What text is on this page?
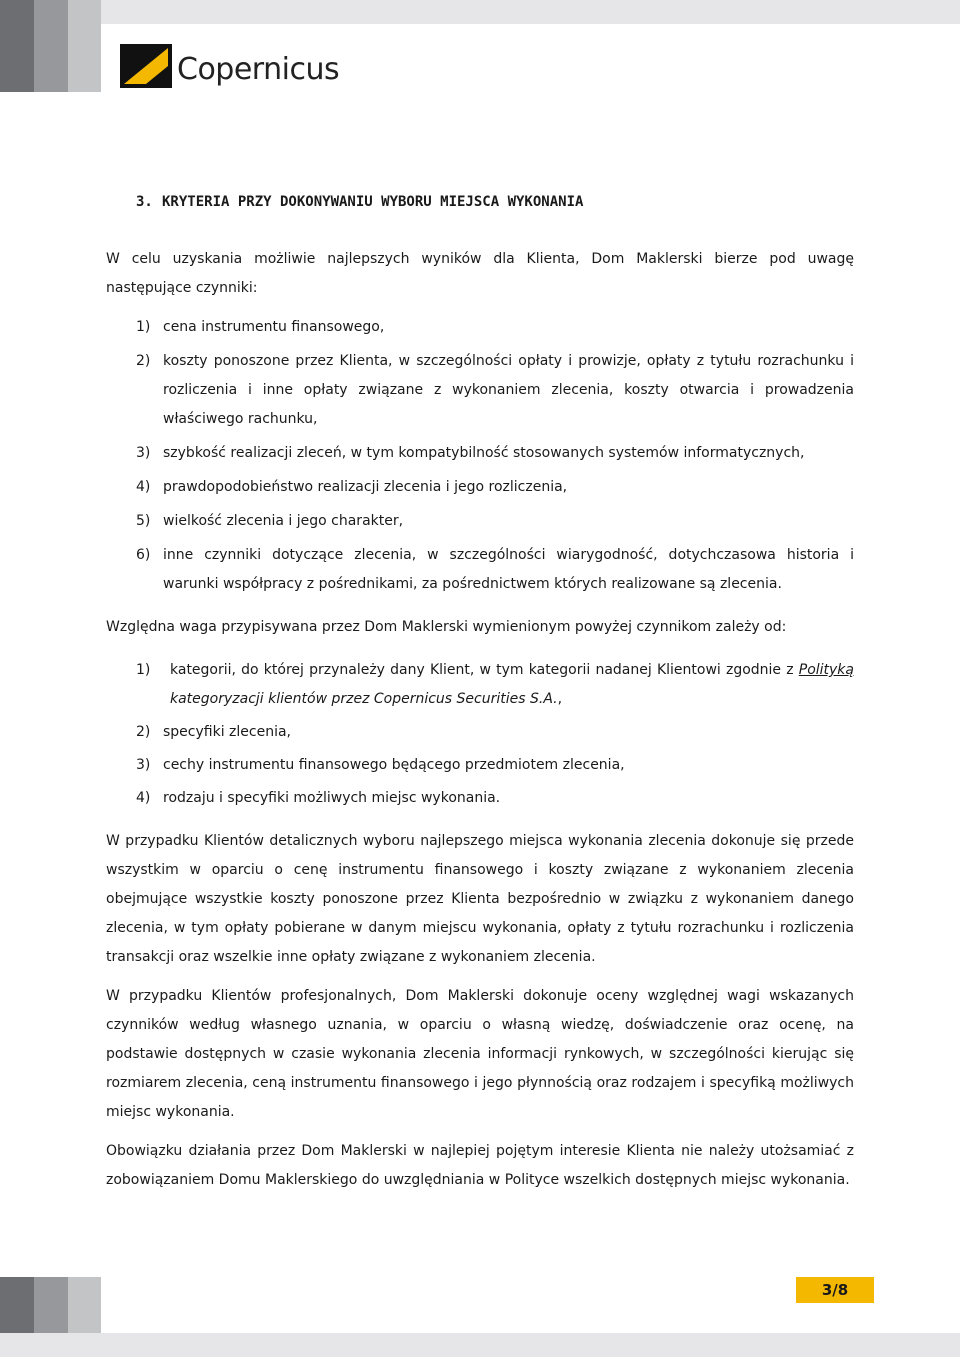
Copernicus
3. KRYTERIA PRZY DOKONYWANIU WYBORU MIEJSCA WYKONANIA

W celu uzyskania możliwie najlepszych wyników dla Klienta, Dom Maklerski bierze pod uwagę następujące czynniki:

1) cena instrumentu finansowego,
2) koszty ponoszone przez Klienta, w szczególności opłaty i prowizje, opłaty z tytułu rozrachunku i rozliczenia i inne opłaty związane z wykonaniem zlecenia, koszty otwarcia i prowadzenia właściwego rachunku,
3) szybkość realizacji zleceń, w tym kompatybilność stosowanych systemów informatycznych,
4) prawdopodobieństwo realizacji zlecenia i jego rozliczenia,
5) wielkość zlecenia i jego charakter,
6) inne czynniki dotyczące zlecenia, w szczególności wiarygodność, dotychczasowa historia i warunki współpracy z pośrednikami, za pośrednictwem których realizowane są zlecenia.

Względna waga przypisywana przez Dom Maklerski wymienionym powyżej czynnikom zależy od:

1) kategorii, do której przynależy dany Klient, w tym kategorii nadanej Klientowi zgodnie z Polityką kategoryzacji klientów przez Copernicus Securities S.A.,
2) specyfiki zlecenia,
3) cechy instrumentu finansowego będącego przedmiotem zlecenia,
4) rodzaju i specyfiki możliwych miejsc wykonania.

W przypadku Klientów detalicznych wyboru najlepszego miejsca wykonania zlecenia dokonuje się przede wszystkim w oparciu o cenę instrumentu finansowego i koszty związane z wykonaniem zlecenia obejmujące wszystkie koszty ponoszone przez Klienta bezpośrednio w związku z wykonaniem danego zlecenia, w tym opłaty pobierane w danym miejscu wykonania, opłaty z tytułu rozrachunku i rozliczenia transakcji oraz wszelkie inne opłaty związane z wykonaniem zlecenia.

W przypadku Klientów profesjonalnych, Dom Maklerski dokonuje oceny względnej wagi wskazanych czynników według własnego uznania, w oparciu o własną wiedzę, doświadczenie oraz ocenę, na podstawie dostępnych w czasie wykonania zlecenia informacji rynkowych, w szczególności kierując się rozmiarem zlecenia, ceną instrumentu finansowego i jego płynnością oraz rodzajem i specyfiką możliwych miejsc wykonania.

Obowiązku działania przez Dom Maklerski w najlepiej pojętym interesie Klienta nie należy utożsamiać z zobowiązaniem Domu Maklerskiego do uwzględniania w Polityce wszelkich dostępnych miejsc wykonania.

3/8
